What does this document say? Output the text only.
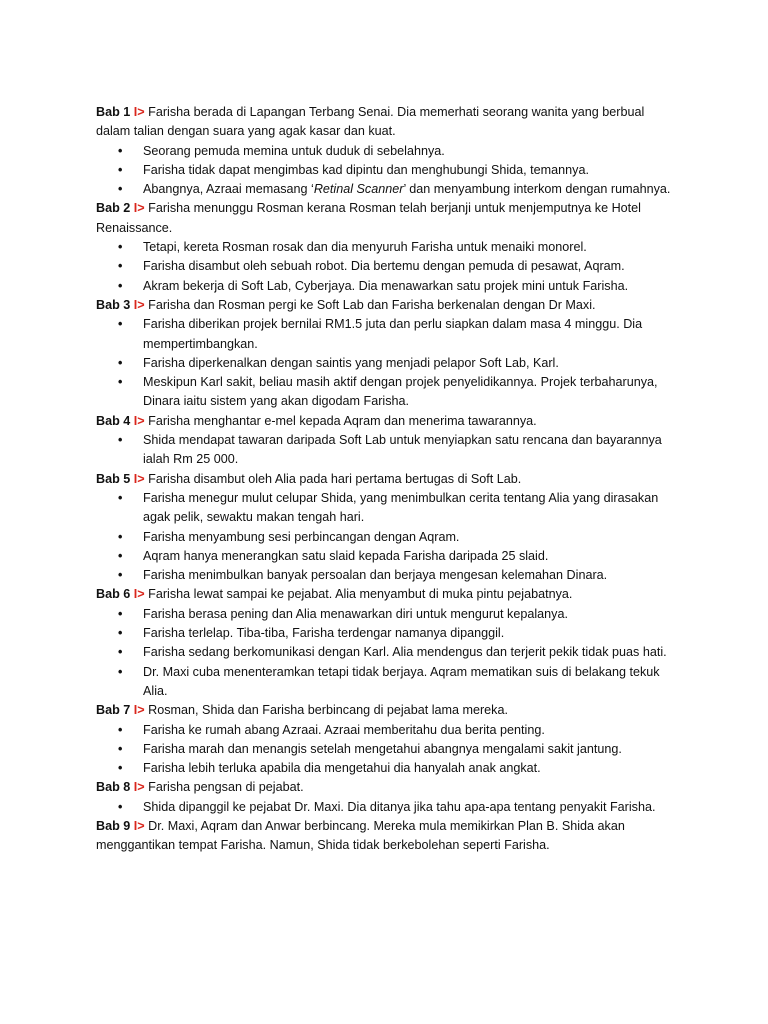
Bab 1 I> Farisha berada di Lapangan Terbang Senai. Dia memerhati seorang wanita yang berbual dalam talian dengan suara yang agak kasar dan kuat.

• Seorang pemuda memina untuk duduk di sebelahnya.
• Farisha tidak dapat mengimbas kad dipintu dan menghubungi Shida, temannya.
• Abangnya, Azraai memasang ‘Retinal Scanner’ dan menyambung interkom dengan rumahnya.

Bab 2 I> Farisha menunggu Rosman kerana Rosman telah berjanji untuk menjemputnya ke Hotel Renaissance.

• Tetapi, kereta Rosman rosak dan dia menyuruh Farisha untuk menaiki monorel.
• Farisha disambut oleh sebuah robot. Dia bertemu dengan pemuda di pesawat, Aqram.
• Akram bekerja di Soft Lab, Cyberjaya. Dia menawarkan satu projek mini untuk Farisha.

Bab 3 I> Farisha dan Rosman pergi ke Soft Lab dan Farisha berkenalan dengan Dr Maxi.

• Farisha diberikan projek bernilai RM1.5 juta dan perlu siapkan dalam masa 4 minggu. Dia mempertimbangkan.
• Farisha diperkenalkan dengan saintis yang menjadi pelapor Soft Lab, Karl.
• Meskipun Karl sakit, beliau masih aktif dengan projek penyelidikannya. Projek terbaharunya, Dinara iaitu sistem yang akan digodam Farisha.

Bab 4 I> Farisha menghantar e-mel kepada Aqram dan menerima tawarannya.

• Shida mendapat tawaran daripada Soft Lab untuk menyiapkan satu rencana dan bayarannya ialah Rm 25 000.

Bab 5 I> Farisha disambut oleh Alia pada hari pertama bertugas di Soft Lab.

• Farisha menegur mulut celupar Shida, yang menimbulkan cerita tentang Alia yang dirasakan agak pelik, sewaktu makan tengah hari.
• Farisha menyambung sesi perbincangan dengan Aqram.
• Aqram hanya menerangkan satu slaid kepada Farisha daripada 25 slaid.
• Farisha menimbulkan banyak persoalan dan berjaya mengesan kelemahan Dinara.

Bab 6 I> Farisha lewat sampai ke pejabat. Alia menyambut di muka pintu pejabatnya.

• Farisha berasa pening dan Alia menawarkan diri untuk mengurut kepalanya.
• Farisha terlelap. Tiba-tiba, Farisha terdengar namanya dipanggil.
• Farisha sedang berkomunikasi dengan Karl. Alia mendengus dan terjerit pekik tidak puas hati.
• Dr. Maxi cuba menenteramkan tetapi tidak berjaya. Aqram mematikan suis di belakang tekuk Alia.

Bab 7 I> Rosman, Shida dan Farisha berbincang di pejabat lama mereka.

• Farisha ke rumah abang Azraai. Azraai memberitahu dua berita penting.
• Farisha marah dan menangis setelah mengetahui abangnya mengalami sakit jantung.
• Farisha lebih terluka apabila dia mengetahui dia hanyalah anak angkat.

Bab 8 I> Farisha pengsan di pejabat.

• Shida dipanggil ke pejabat Dr. Maxi. Dia ditanya jika tahu apa-apa tentang penyakit Farisha.

Bab 9 I> Dr. Maxi, Aqram dan Anwar berbincang. Mereka mula memikirkan Plan B. Shida akan menggantikan tempat Farisha. Namun, Shida tidak berkebolehan seperti Farisha.
